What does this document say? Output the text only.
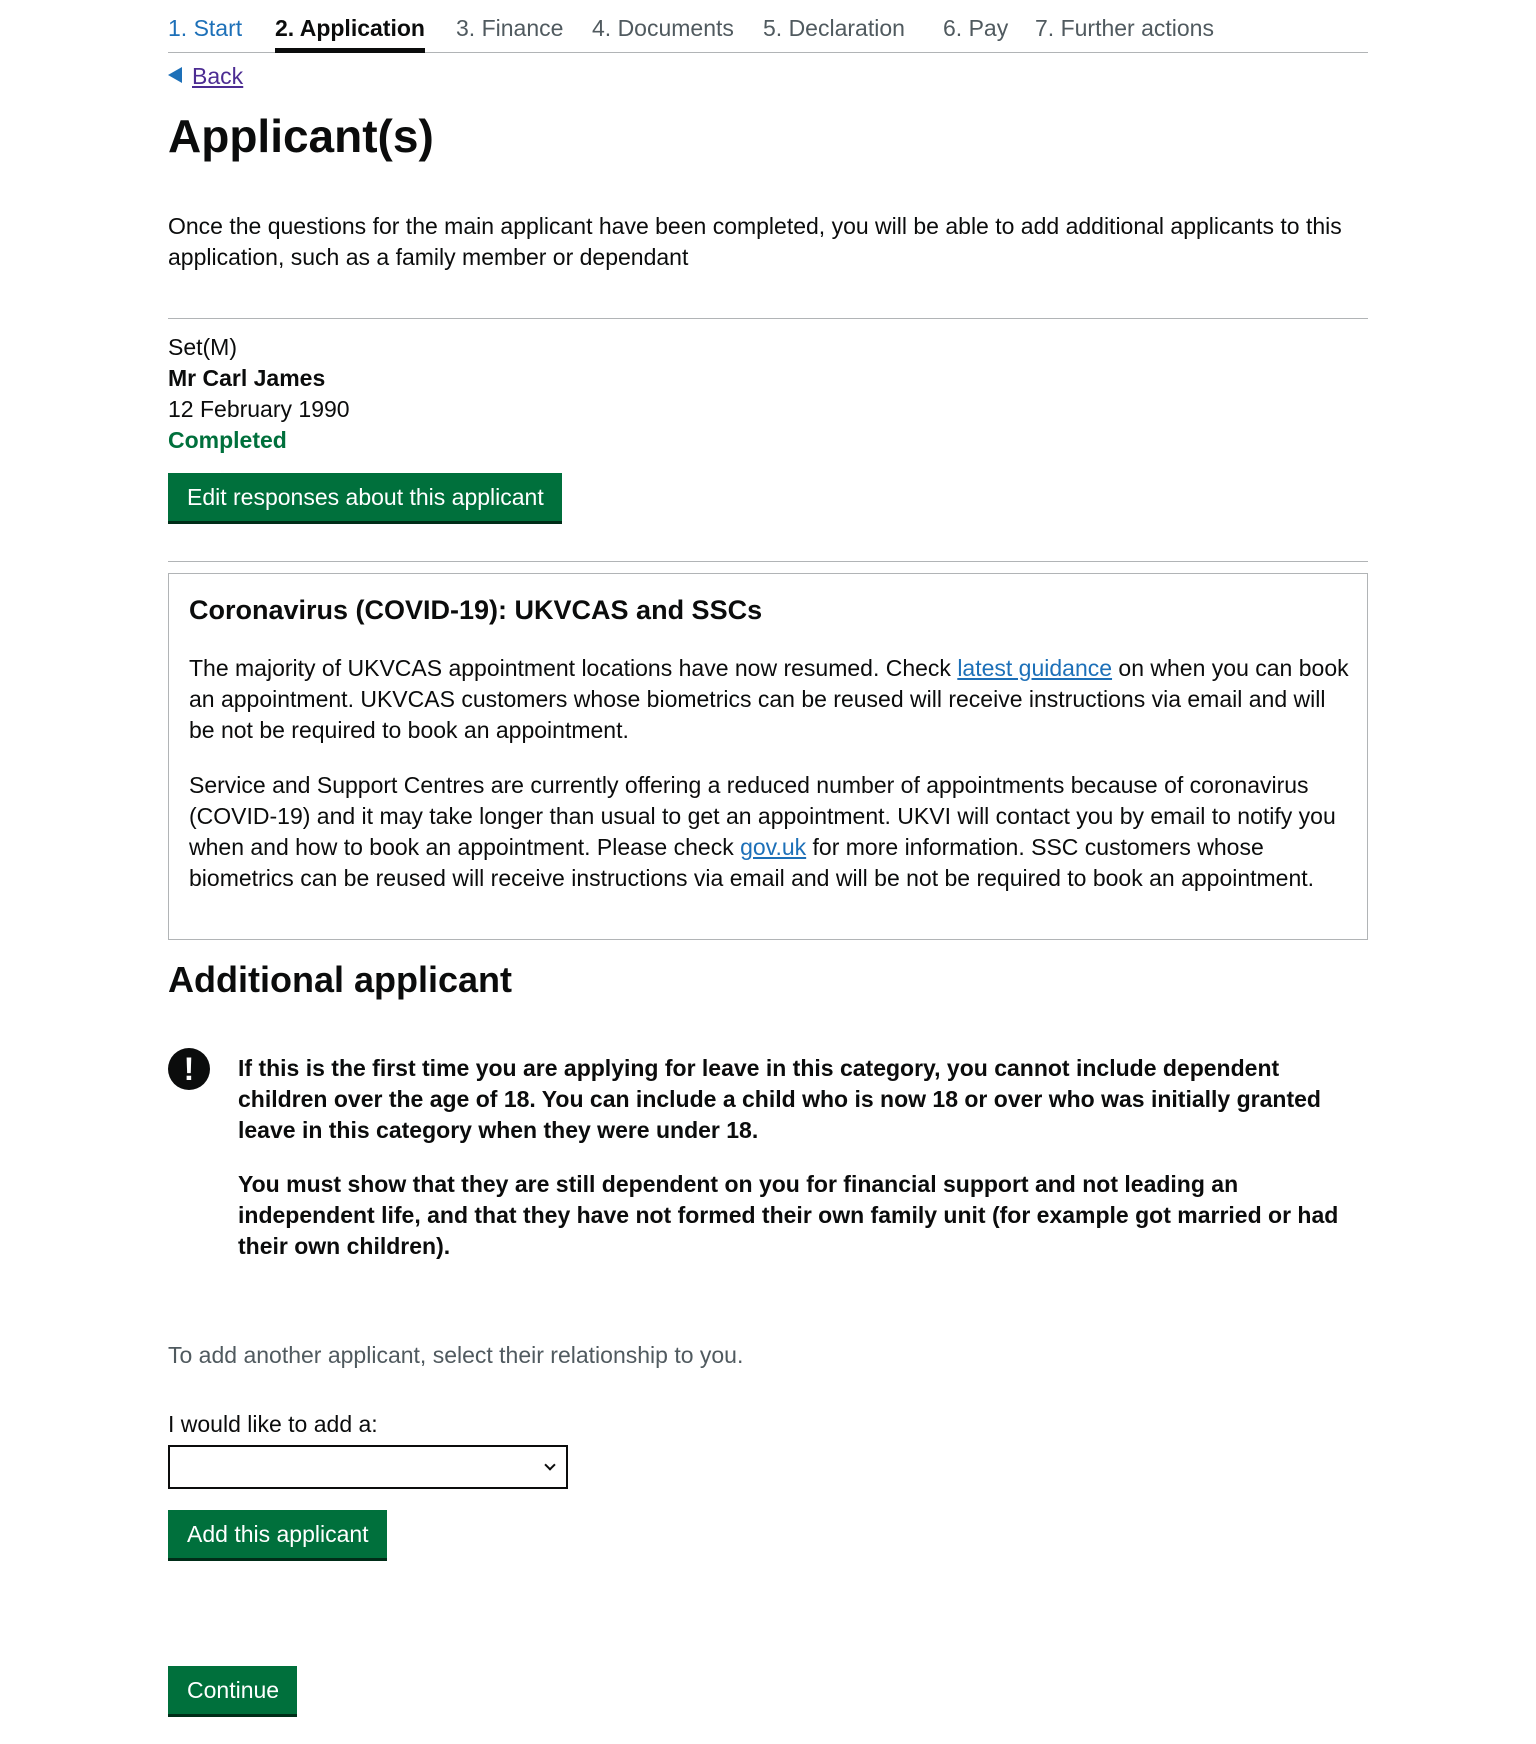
1. Start 2. Application 3. Finance 4. Documents 5. Declaration 6. Pay 7. Further actions
Back
Applicant(s)

Once the questions for the main applicant have been completed, you will be able to add additional applicants to this application, such as a family member or dependant

Set(M)
Mr Carl James
12 February 1990
Completed
Edit responses about this applicant
Coronavirus (COVID-19): UKVCAS and SSCs

The majority of UKVCAS appointment locations have now resumed. Check latest guidance on when you can book an appointment. UKVCAS customers whose biometrics can be reused will receive instructions via email and will be not be required to book an appointment.

Service and Support Centres are currently offering a reduced number of appointments because of coronavirus (COVID-19) and it may take longer than usual to get an appointment. UKVI will contact you by email to notify you when and how to book an appointment. Please check gov.uk for more information. SSC customers whose biometrics can be reused will receive instructions via email and will be not be required to book an appointment.

Additional applicant
!	If this is the first time you are applying for leave in this category, you cannot include dependent children over the age of 18. You can include a child who is now 18 or over who was initially granted leave in this category when they were under 18.

You must show that they are still dependent on you for financial support and not leading an independent life, and that they have not formed their own family unit (for example got married or had their own children).

To add another applicant, select their relationship to you.
I would like to add a:
Add this applicant
Continue
